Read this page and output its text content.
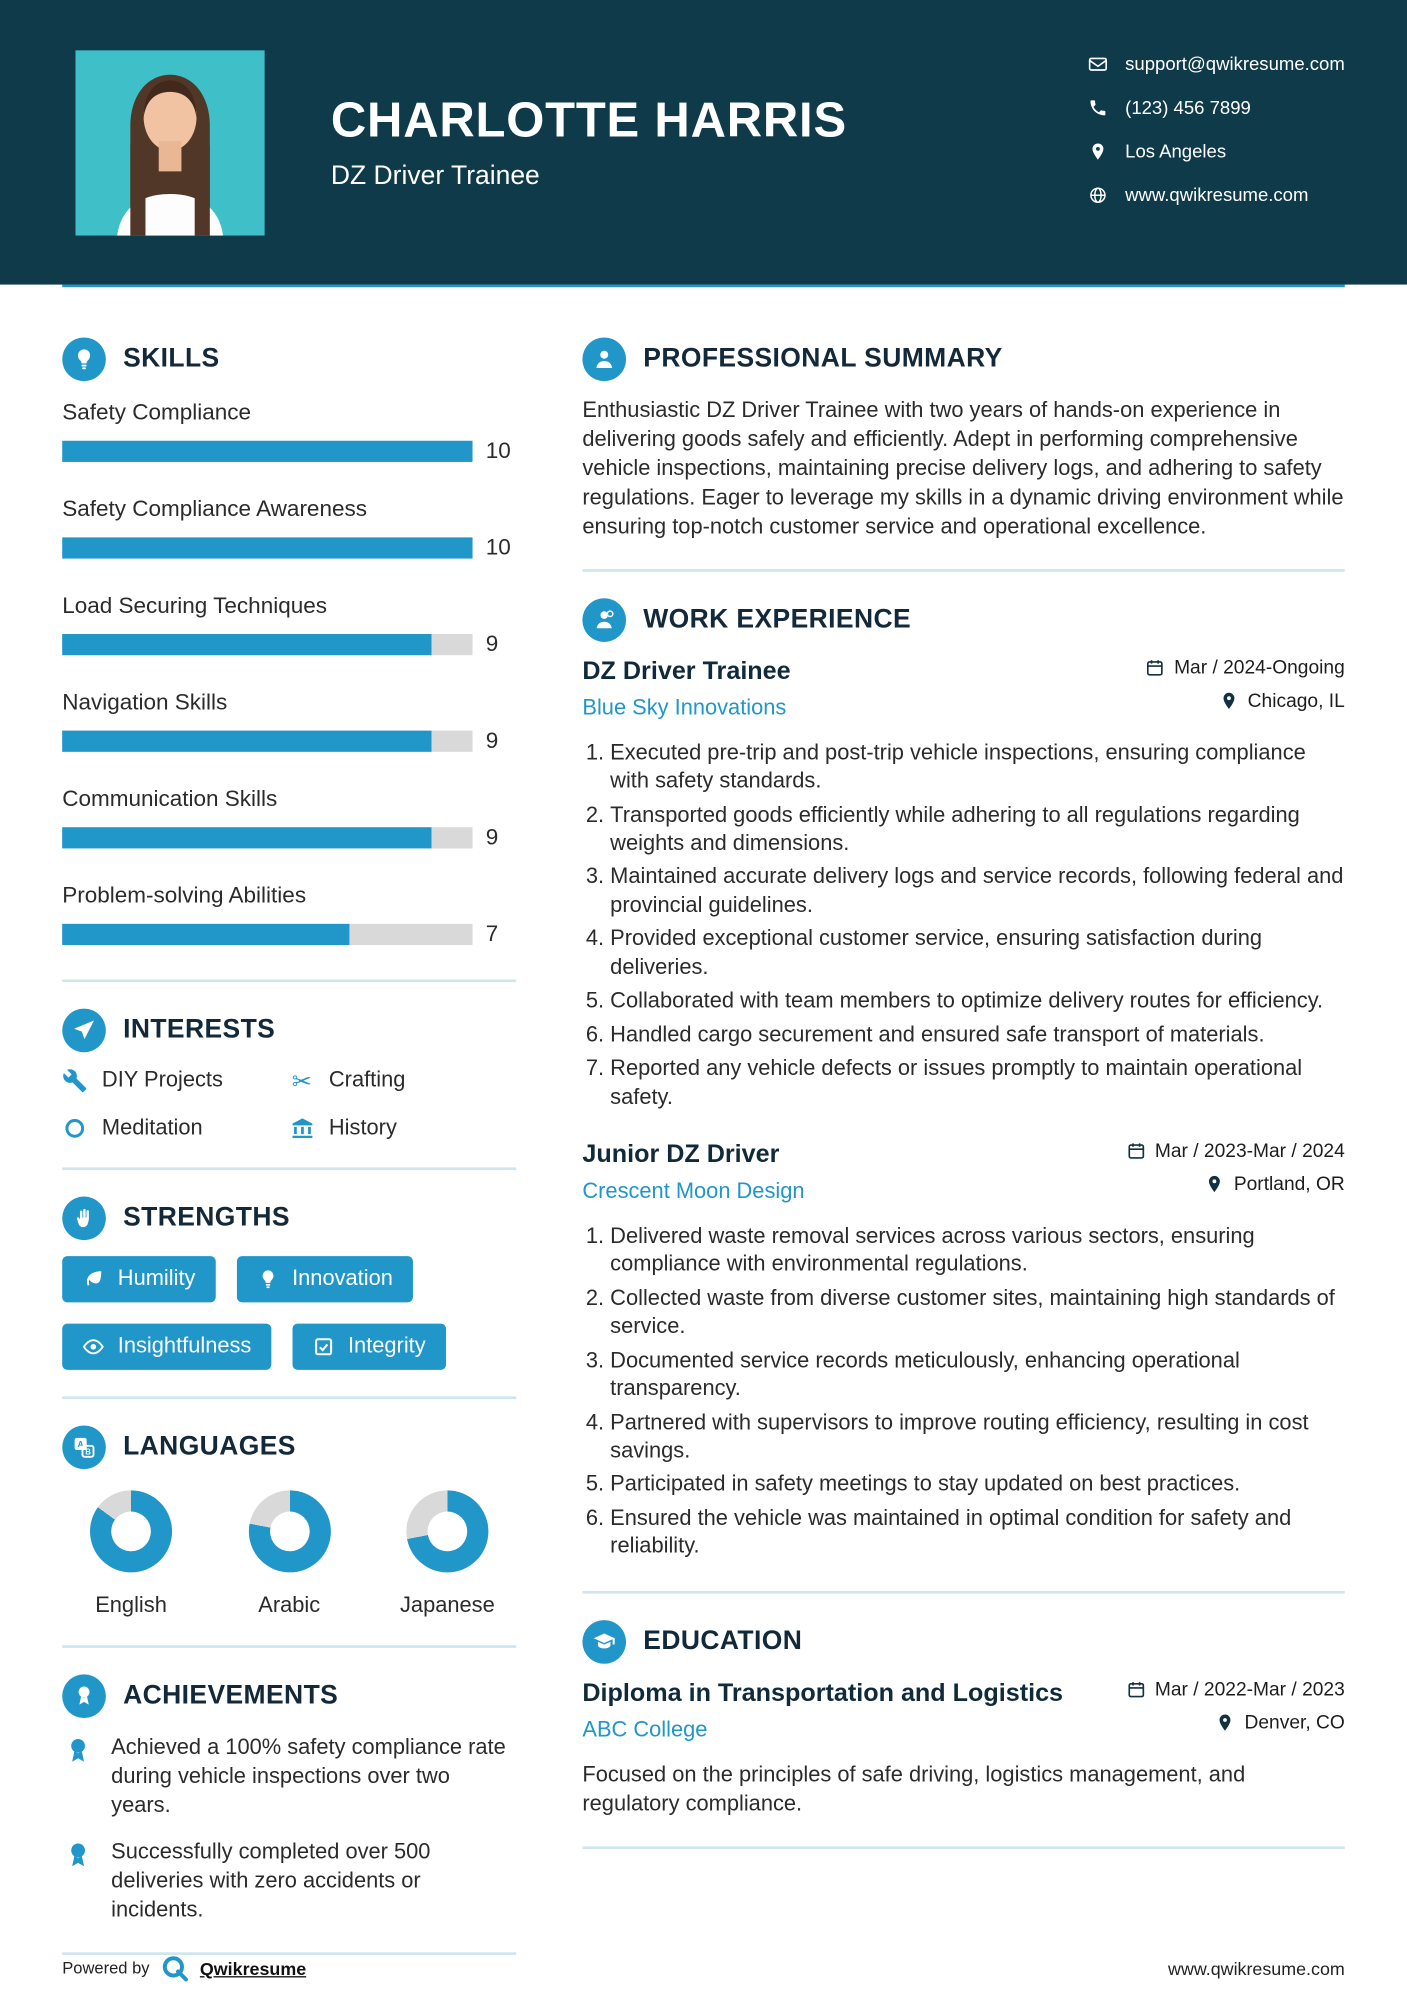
CHARLOTTE HARRIS
DZ Driver Trainee
support@qwikresume.com
(123) 456 7899
Los Angeles
www.qwikresume.com
SKILLS
Safety Compliance
10
Safety Compliance Awareness
10
Load Securing Techniques
9
Navigation Skills
9
Communication Skills
9
Problem-solving Abilities
7
INTERESTS
DIY Projects	✂ Crafting
Meditation	History
STRENGTHS
Humility	Innovation
Insightfulness	Integrity
A
B LANGUAGES
English	Arabic	Japanese
ACHIEVEMENTS

Achieved a 100% safety compliance rate during vehicle inspections over two years.

Successfully completed over 500 deliveries with zero accidents or incidents.

PROFESSIONAL SUMMARY

Enthusiastic DZ Driver Trainee with two years of hands-on experience in delivering goods safely and efficiently. Adept in performing comprehensive vehicle inspections, maintaining precise delivery logs, and adhering to safety regulations. Eager to leverage my skills in a dynamic driving environment while ensuring top-notch customer service and operational excellence.

WORK EXPERIENCE
DZ Driver Trainee
Blue Sky Innovations
Mar / 2024-Ongoing
Chicago, IL
1. Executed pre-trip and post-trip vehicle inspections, ensuring compliance with safety standards.
2. Transported goods efficiently while adhering to all regulations regarding weights and dimensions.
3. Maintained accurate delivery logs and service records, following federal and provincial guidelines.
4. Provided exceptional customer service, ensuring satisfaction during deliveries.
5. Collaborated with team members to optimize delivery routes for efficiency.
6. Handled cargo securement and ensured safe transport of materials.
7. Reported any vehicle defects or issues promptly to maintain operational safety.
Junior DZ Driver
Crescent Moon Design
Mar / 2023-Mar / 2024
Portland, OR
1. Delivered waste removal services across various sectors, ensuring compliance with environmental regulations.
2. Collected waste from diverse customer sites, maintaining high standards of service.
3. Documented service records meticulously, enhancing operational transparency.
4. Partnered with supervisors to improve routing efficiency, resulting in cost savings.
5. Participated in safety meetings to stay updated on best practices.
6. Ensured the vehicle was maintained in optimal condition for safety and reliability.
EDUCATION
Diploma in Transportation and Logistics
ABC College
Mar / 2022-Mar / 2023
Denver, CO

Focused on the principles of safe driving, logistics management, and regulatory compliance.

Powered by	Qwikresume	www.qwikresume.com
